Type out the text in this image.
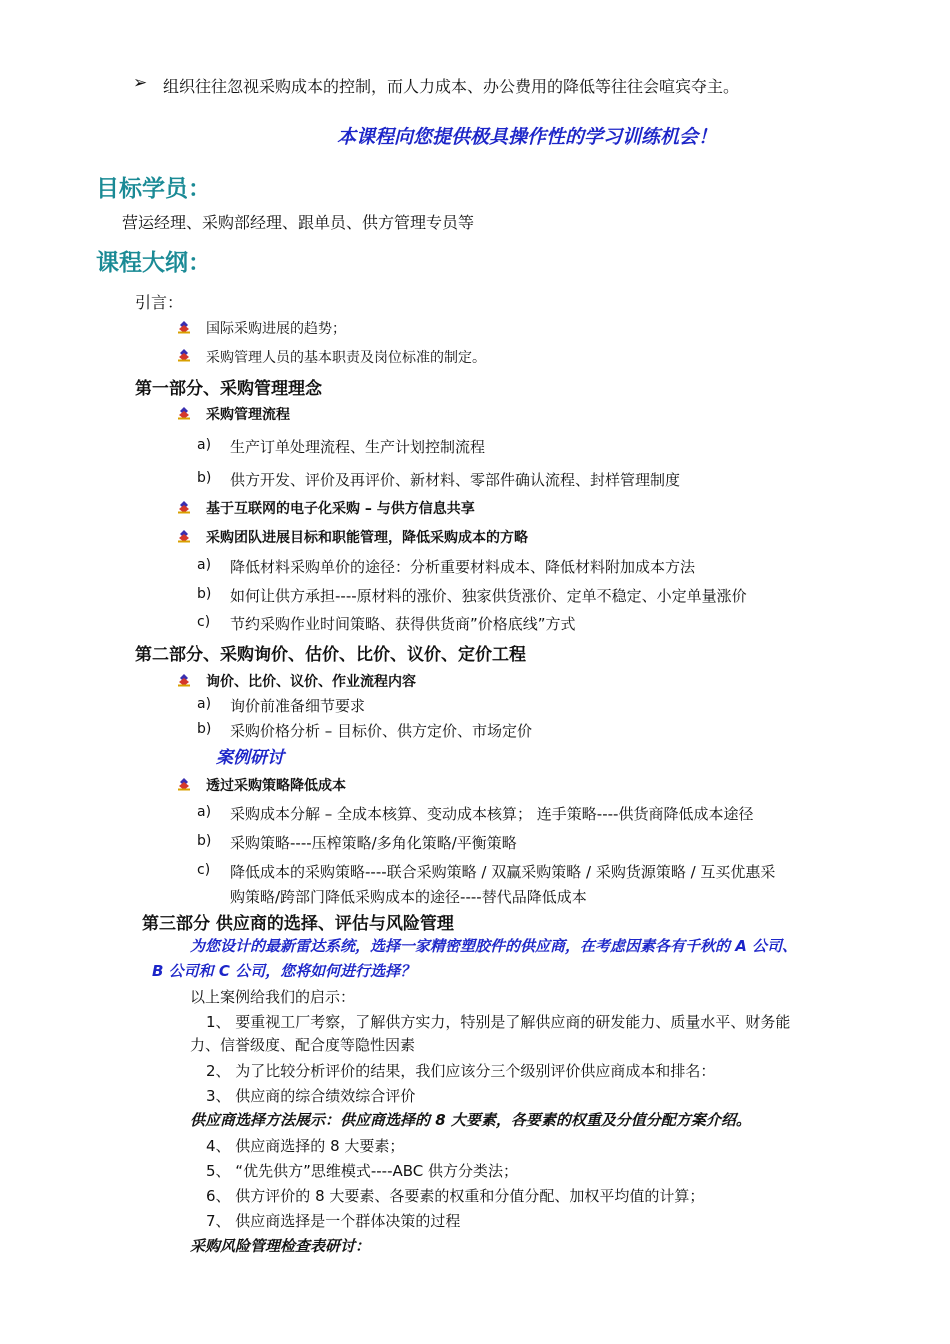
➢ 组织往往忽视采购成本的控制，而人力成本、办公费用的降低等往往会喧宾夺主。
本课程向您提供极具操作性的学习训练机会！
目标学员：
营运经理、采购部经理、跟单员、供方管理专员等
课程大纲：
引言：
国际采购进展的趋势；
采购管理人员的基本职责及岗位标准的制定。
第一部分、采购管理理念
采购管理流程
a) 生产订单处理流程、生产计划控制流程
b) 供方开发、评价及再评价、新材料、零部件确认流程、封样管理制度
基于互联网的电子化采购 – 与供方信息共享
采购团队进展目标和职能管理，降低采购成本的方略
a) 降低材料采购单价的途径：分析重要材料成本、降低材料附加成本方法
b) 如何让供方承担----原材料的涨价、独家供货涨价、定单不稳定、小定单量涨价
c) 节约采购作业时间策略、获得供货商”价格底线”方式
第二部分、采购询价、估价、比价、议价、定价工程
询价、比价、议价、作业流程内容
a) 询价前准备细节要求
b) 采购价格分析 – 目标价、供方定价、市场定价
案例研讨
透过采购策略降低成本
a) 采购成本分解 – 全成本核算、变动成本核算； 连手策略----供货商降低成本途径
b) 采购策略----压榨策略/多角化策略/平衡策略
c) 降低成本的采购策略----联合采购策略 / 双赢采购策略 / 采购货源策略 / 互买优惠采
购策略/跨部门降低采购成本的途径----替代品降低成本
第三部分 供应商的选择、评估与风险管理
为您设计的最新雷达系统，选择一家精密塑胶件的供应商，在考虑因素各有千秋的 A 公司、
B 公司和 C 公司，您将如何进行选择？
以上案例给我们的启示：
1、 要重视工厂考察，了解供方实力，特别是了解供应商的研发能力、质量水平、财务能
力、信誉级度、配合度等隐性因素
2、 为了比较分析评价的结果，我们应该分三个级别评价供应商成本和排名：
3、 供应商的综合绩效综合评价
供应商选择方法展示：供应商选择的 8 大要素，各要素的权重及分值分配方案介绍。
4、 供应商选择的 8 大要素；
5、 “优先供方”思维模式----ABC 供方分类法；
6、 供方评价的 8 大要素、各要素的权重和分值分配、加权平均值的计算；
7、 供应商选择是一个群体决策的过程
采购风险管理检查表研讨：
